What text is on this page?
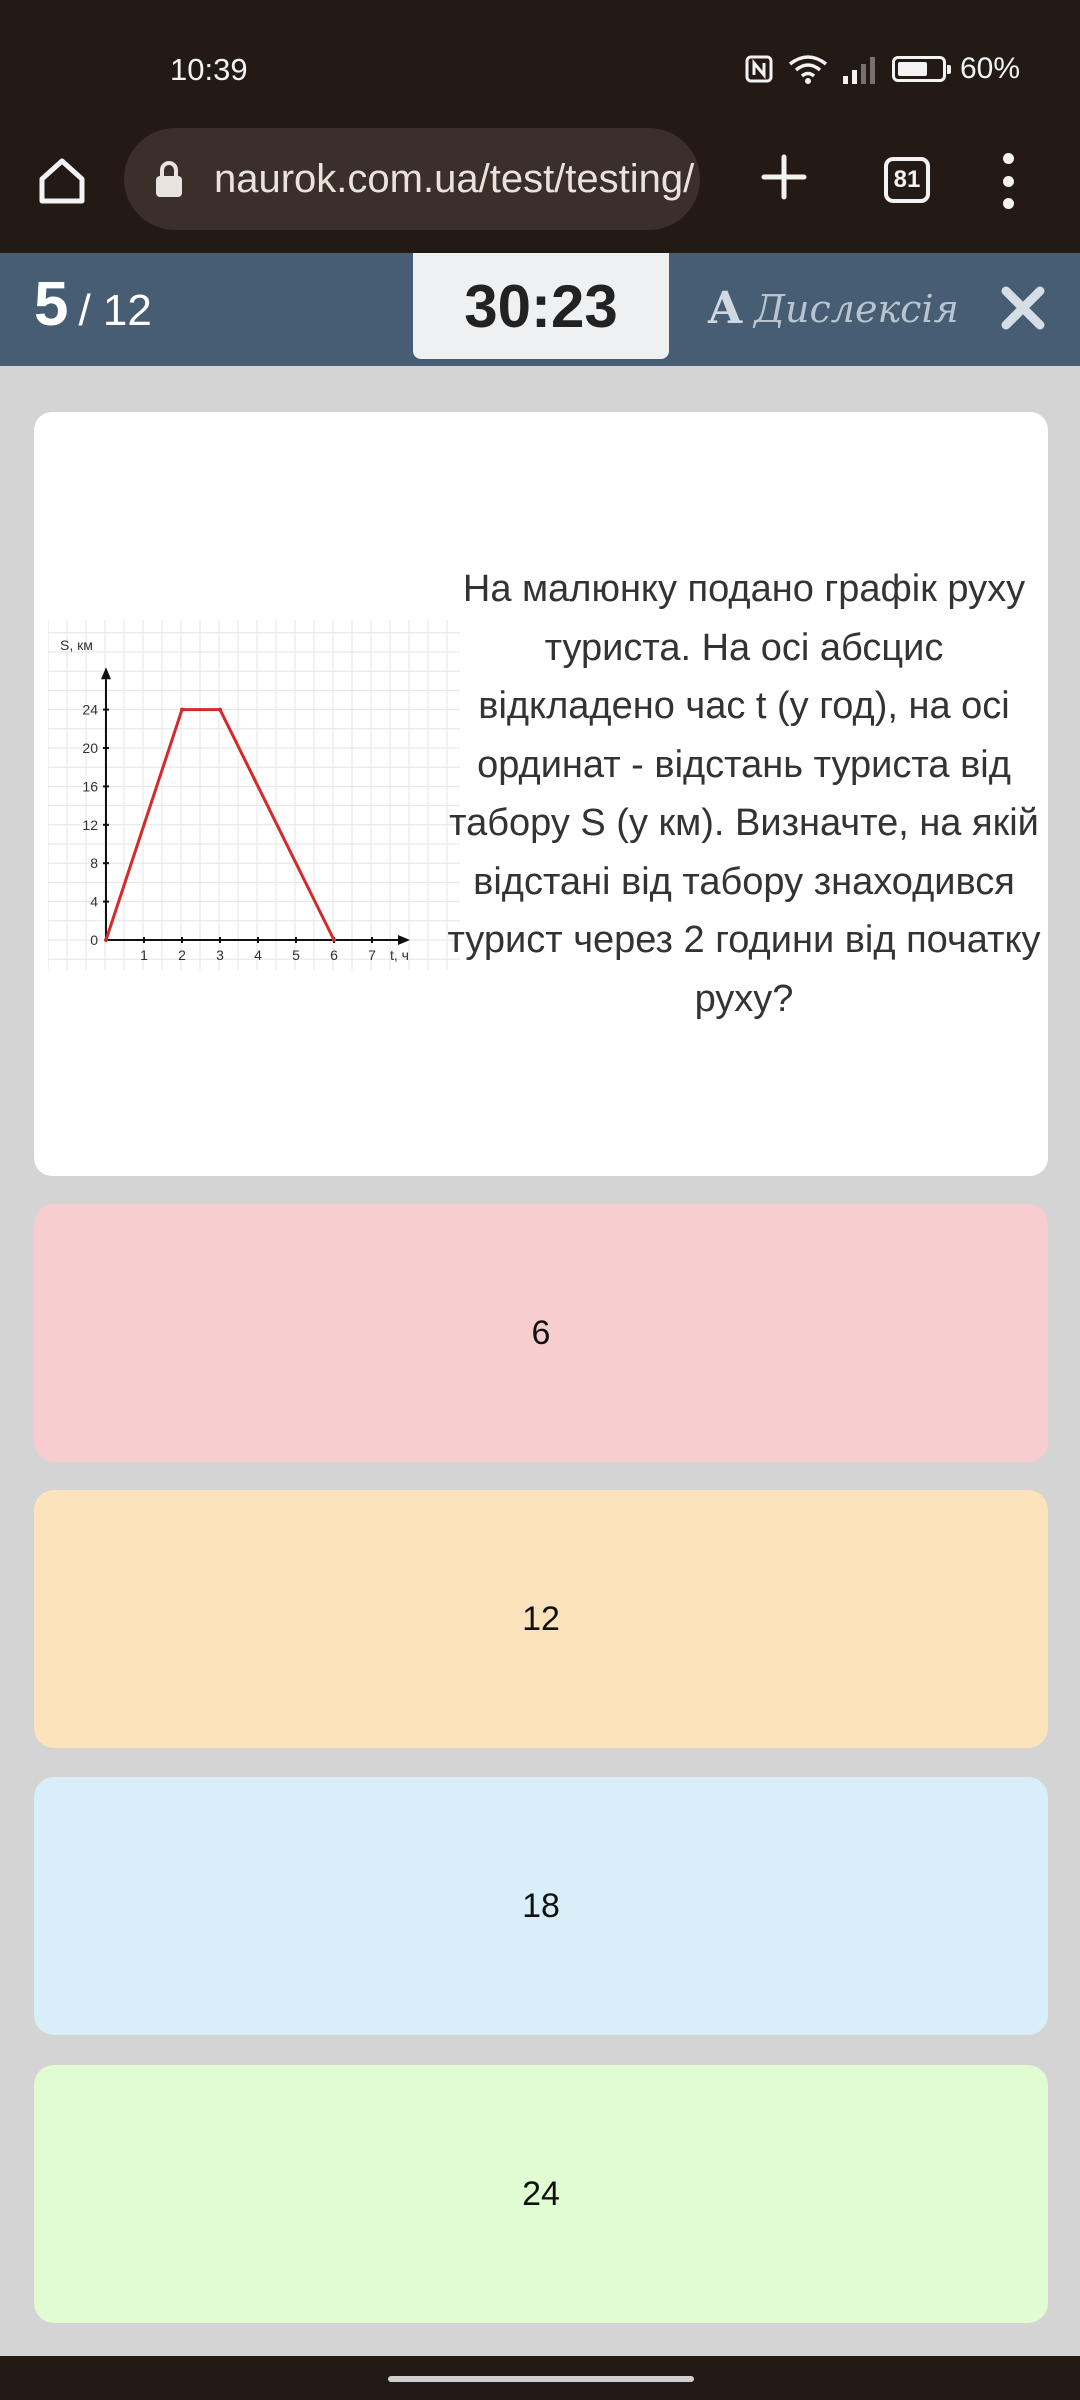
10:39	60%
naurok.com.ua/test/testing/	81
5 / 12	30:23	A Дислексія
1 2 3 4 5 6 7
4
8
12
16
20
24
0
S, км
t, ч
На малюнку подано графік руху туриста. На осі абсцис відкладено час t (у год), на осі ординат - відстань туриста від табору S (у км). Визначте, на якій відстані від табору знаходився турист через 2 години від початку руху?
6
12
18
24
